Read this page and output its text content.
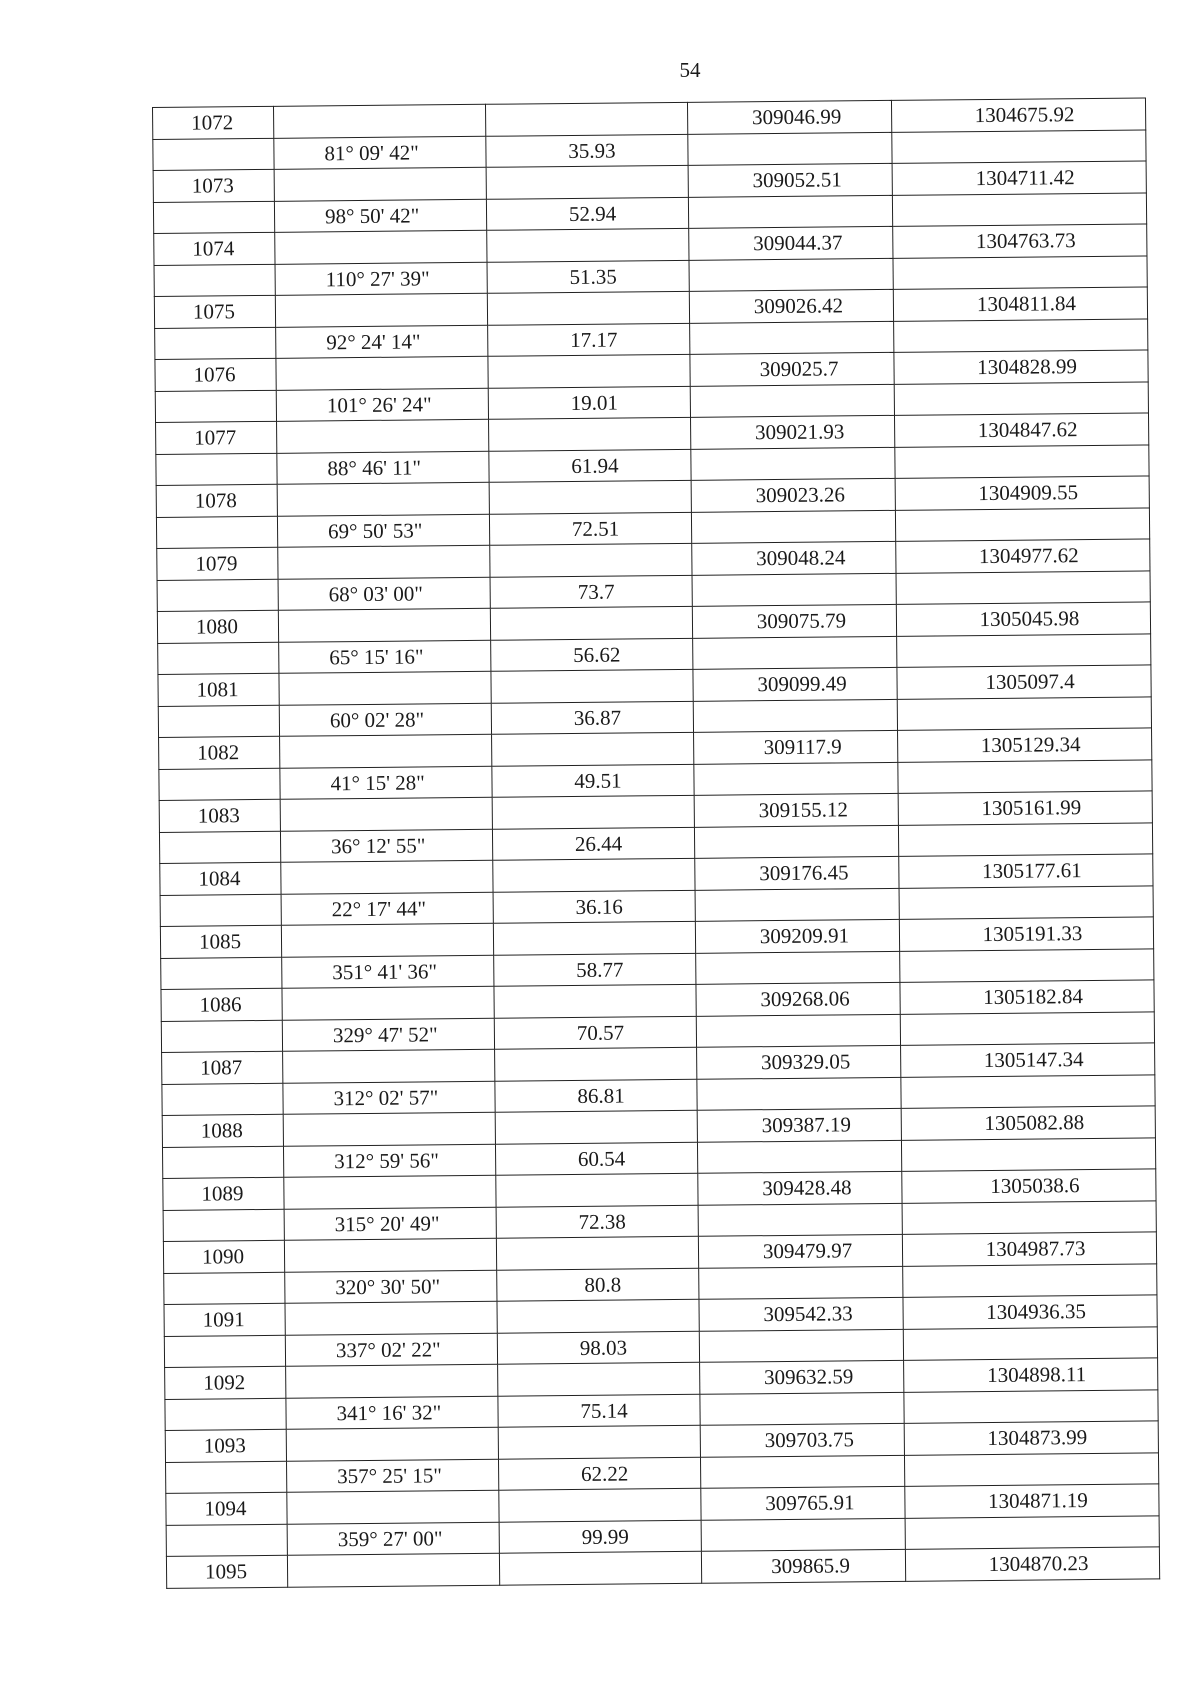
54
1072			309046.99	1304675.92
	81° 09' 42"	35.93		
1073			309052.51	1304711.42
	98° 50' 42"	52.94		
1074			309044.37	1304763.73
	110° 27' 39"	51.35		
1075			309026.42	1304811.84
	92° 24' 14"	17.17		
1076			309025.7	1304828.99
	101° 26' 24"	19.01		
1077			309021.93	1304847.62
	88° 46' 11"	61.94		
1078			309023.26	1304909.55
	69° 50' 53"	72.51		
1079			309048.24	1304977.62
	68° 03' 00"	73.7		
1080			309075.79	1305045.98
	65° 15' 16"	56.62		
1081			309099.49	1305097.4
	60° 02' 28"	36.87		
1082			309117.9	1305129.34
	41° 15' 28"	49.51		
1083			309155.12	1305161.99
	36° 12' 55"	26.44		
1084			309176.45	1305177.61
	22° 17' 44"	36.16		
1085			309209.91	1305191.33
	351° 41' 36"	58.77		
1086			309268.06	1305182.84
	329° 47' 52"	70.57		
1087			309329.05	1305147.34
	312° 02' 57"	86.81		
1088			309387.19	1305082.88
	312° 59' 56"	60.54		
1089			309428.48	1305038.6
	315° 20' 49"	72.38		
1090			309479.97	1304987.73
	320° 30' 50"	80.8		
1091			309542.33	1304936.35
	337° 02' 22"	98.03		
1092			309632.59	1304898.11
	341° 16' 32"	75.14		
1093			309703.75	1304873.99
	357° 25' 15"	62.22		
1094			309765.91	1304871.19
	359° 27' 00"	99.99		
1095			309865.9	1304870.23
